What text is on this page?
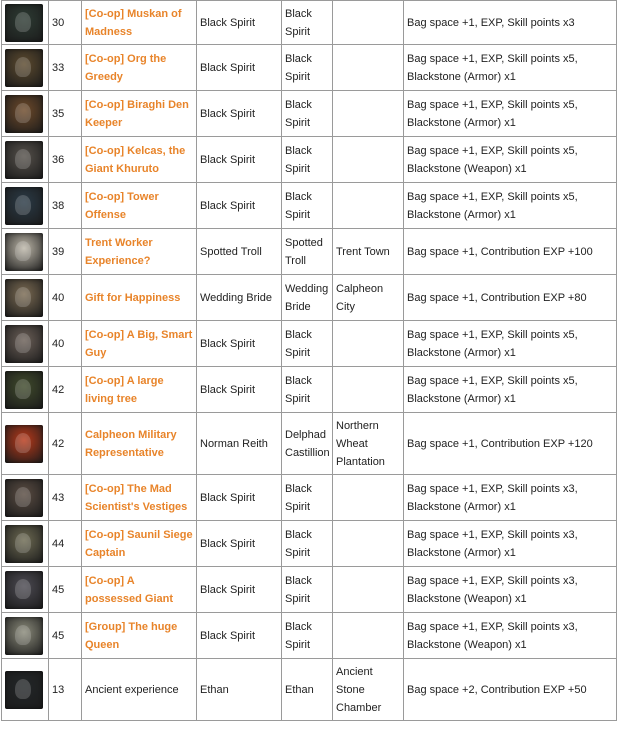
	30	[Co-op] Muskan of Madness	Black Spirit	Black Spirit		Bag space +1, EXP, Skill points x3

	33	[Co-op] Org the Greedy	Black Spirit	Black Spirit		Bag space +1, EXP, Skill points x5, Blackstone (Armor) x1

	35	[Co-op] Biraghi Den Keeper	Black Spirit	Black Spirit		Bag space +1, EXP, Skill points x5, Blackstone (Armor) x1

	36	[Co-op] Kelcas, the Giant Khuruto	Black Spirit	Black Spirit		Bag space +1, EXP, Skill points x5, Blackstone (Weapon) x1

	38	[Co-op] Tower Offense	Black Spirit	Black Spirit		Bag space +1, EXP, Skill points x5, Blackstone (Armor) x1

	39	Trent Worker Experience?	Spotted Troll	Spotted Troll	Trent Town	Bag space +1, Contribution EXP +100

	40	Gift for Happiness	Wedding Bride	Wedding Bride	Calpheon City	Bag space +1, Contribution EXP +80

	40	[Co-op] A Big, Smart Guy	Black Spirit	Black Spirit		Bag space +1, EXP, Skill points x5, Blackstone (Armor) x1

	42	[Co-op] A large living tree	Black Spirit	Black Spirit		Bag space +1, EXP, Skill points x5, Blackstone (Armor) x1

	42	Calpheon Military Representative	Norman Reith	Delphad Castillion	Northern Wheat Plantation	Bag space +1, Contribution EXP +120

	43	[Co-op] The Mad Scientist's Vestiges	Black Spirit	Black Spirit		Bag space +1, EXP, Skill points x3, Blackstone (Armor) x1

	44	[Co-op] Saunil Siege Captain	Black Spirit	Black Spirit		Bag space +1, EXP, Skill points x3, Blackstone (Armor) x1

	45	[Co-op] A possessed Giant	Black Spirit	Black Spirit		Bag space +1, EXP, Skill points x3, Blackstone (Weapon) x1

	45	[Group] The huge Queen	Black Spirit	Black Spirit		Bag space +1, EXP, Skill points x3, Blackstone (Weapon) x1

	13	Ancient experience	Ethan	Ethan	Ancient Stone Chamber	Bag space +2, Contribution EXP +50
